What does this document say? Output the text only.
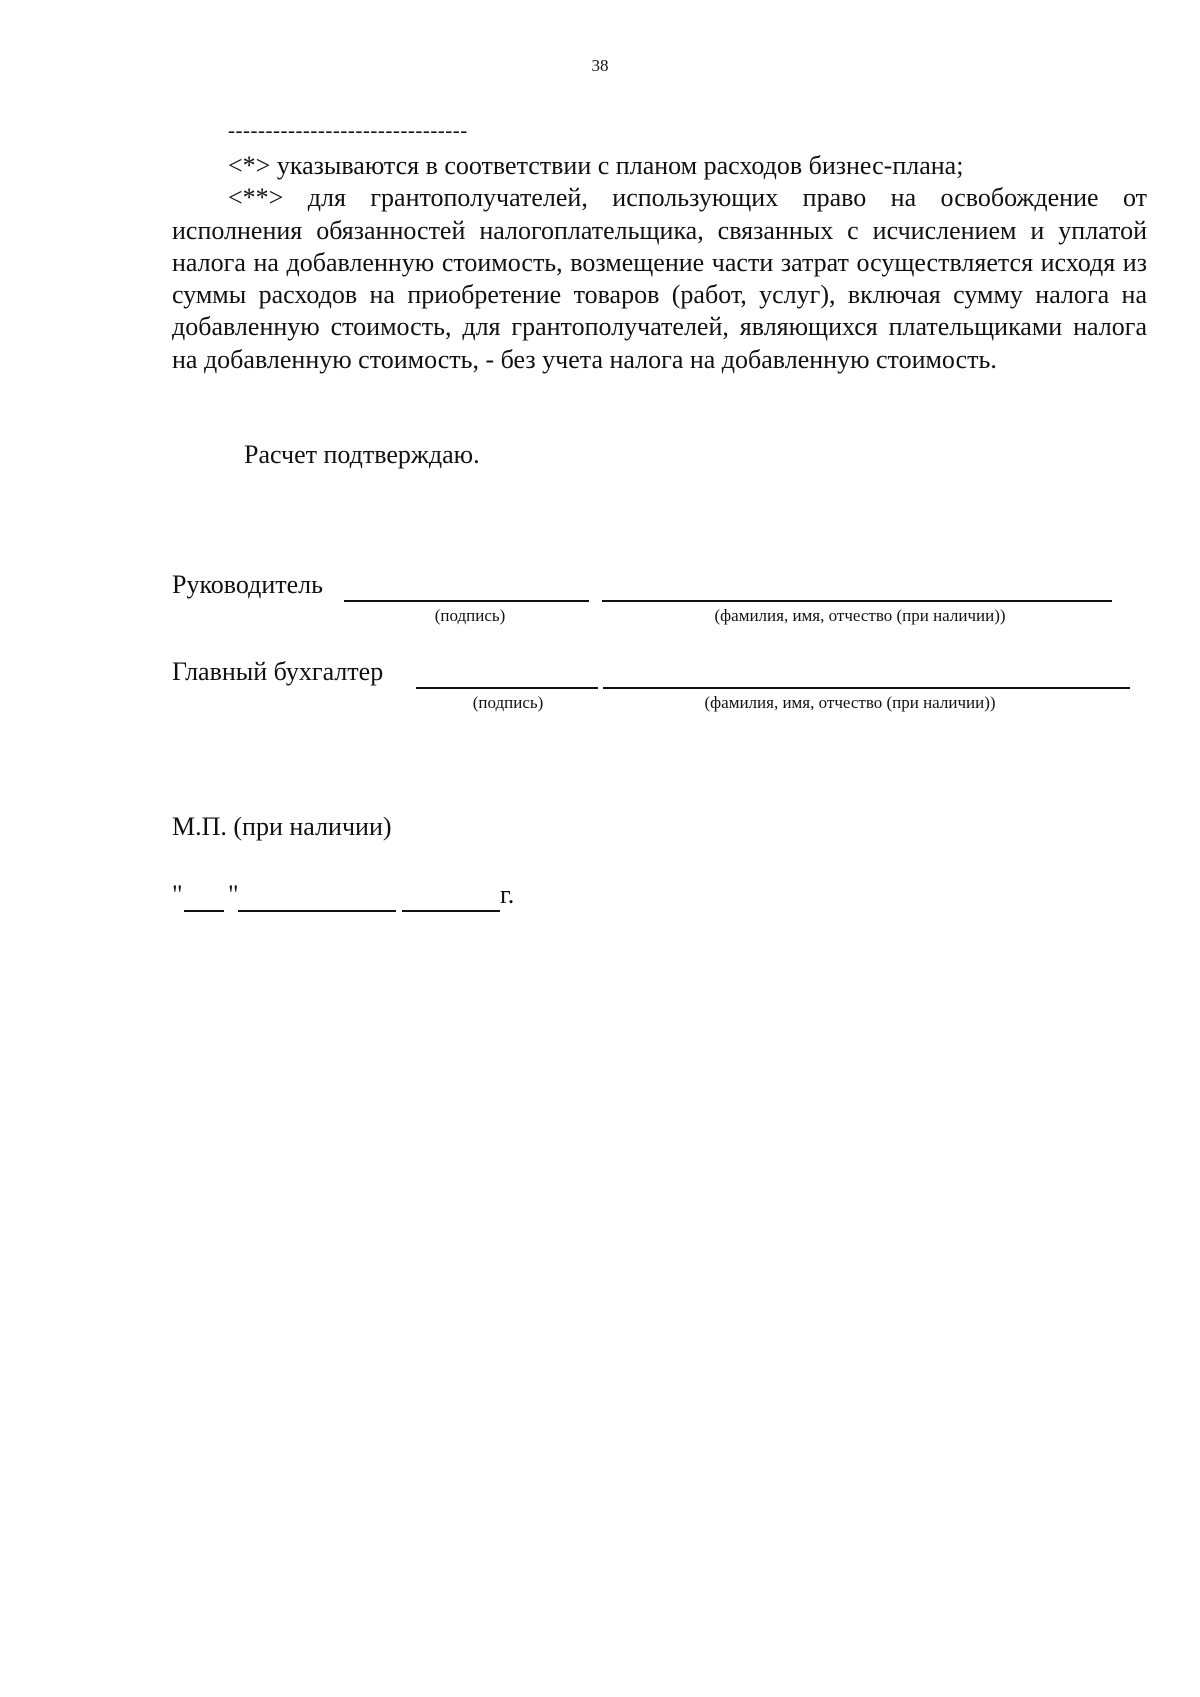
38
--------------------------------

<*> указываются в соответствии с планом расходов бизнес-плана;

<**> для грантополучателей, использующих право на освобождение от исполнения обязанностей налогоплательщика, связанных с исчислением и уплатой налога на добавленную стоимость, возмещение части затрат осуществляется исходя из суммы расходов на приобретение товаров (работ, услуг), включая сумму налога на добавленную стоимость, для грантополучателей, являющихся плательщиками налога на добавленную стоимость, - без учета налога на добавленную стоимость.

Расчет подтверждаю.
Руководитель
(подпись)	(фамилия, имя, отчество (при наличии))
Главный бухгалтер
(подпись)	(фамилия, имя, отчество (при наличии))
М.П. (при наличии)
" "	г.
